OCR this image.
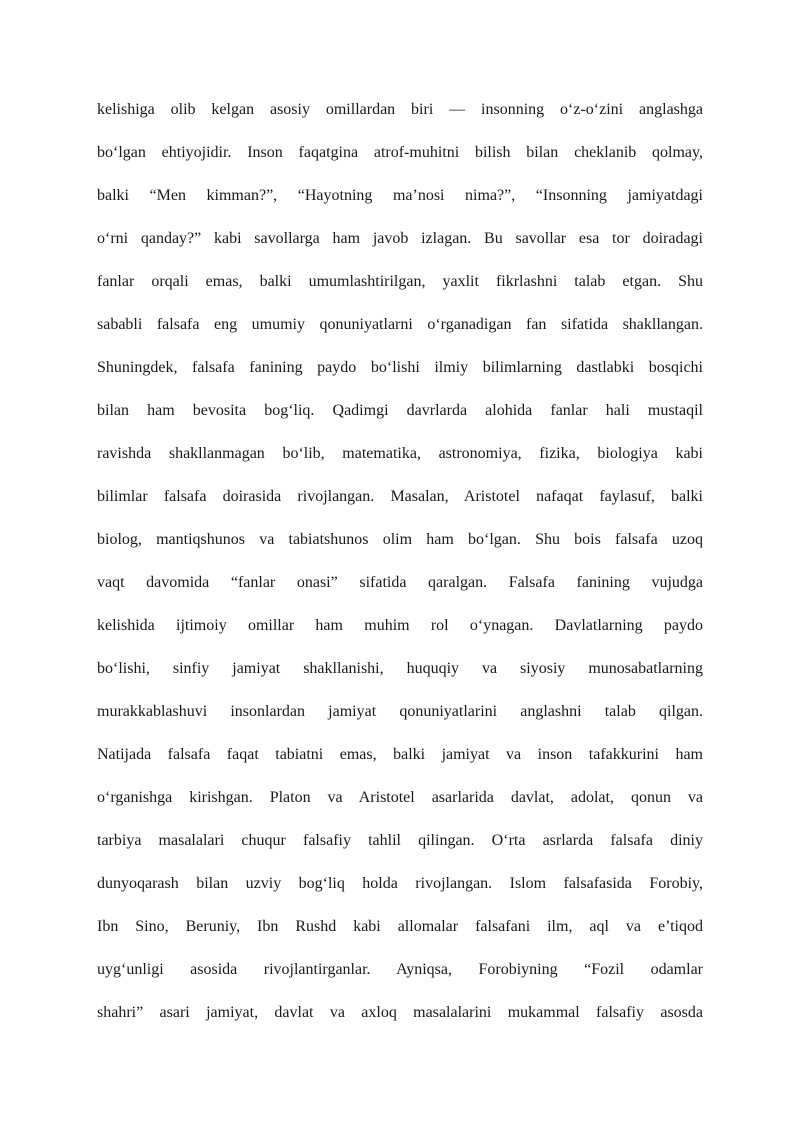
kelishiga olib kelgan asosiy omillardan biri — insonning o‘z-o‘zini anglashga
bo‘lgan ehtiyojidir. Inson faqatgina atrof-muhitni bilish bilan cheklanib qolmay,
balki “Men kimman?”, “Hayotning ma’nosi nima?”, “Insonning jamiyatdagi
o‘rni qanday?” kabi savollarga ham javob izlagan. Bu savollar esa tor doiradagi
fanlar orqali emas, balki umumlashtirilgan, yaxlit fikrlashni talab etgan. Shu
sababli falsafa eng umumiy qonuniyatlarni o‘rganadigan fan sifatida shakllangan.
Shuningdek, falsafa fanining paydo bo‘lishi ilmiy bilimlarning dastlabki bosqichi
bilan ham bevosita bog‘liq. Qadimgi davrlarda alohida fanlar hali mustaqil
ravishda shakllanmagan bo‘lib, matematika, astronomiya, fizika, biologiya kabi
bilimlar falsafa doirasida rivojlangan. Masalan, Aristotel nafaqat faylasuf, balki
biolog, mantiqshunos va tabiatshunos olim ham bo‘lgan. Shu bois falsafa uzoq
vaqt davomida “fanlar onasi” sifatida qaralgan. Falsafa fanining vujudga
kelishida ijtimoiy omillar ham muhim rol o‘ynagan. Davlatlarning paydo
bo‘lishi, sinfiy jamiyat shakllanishi, huquqiy va siyosiy munosabatlarning
murakkablashuvi insonlardan jamiyat qonuniyatlarini anglashni talab qilgan.
Natijada falsafa faqat tabiatni emas, balki jamiyat va inson tafakkurini ham
o‘rganishga kirishgan. Platon va Aristotel asarlarida davlat, adolat, qonun va
tarbiya masalalari chuqur falsafiy tahlil qilingan. O‘rta asrlarda falsafa diniy
dunyoqarash bilan uzviy bog‘liq holda rivojlangan. Islom falsafasida Forobiy,
Ibn Sino, Beruniy, Ibn Rushd kabi allomalar falsafani ilm, aql va e’tiqod
uyg‘unligi asosida rivojlantirganlar. Ayniqsa, Forobiyning “Fozil odamlar
shahri” asari jamiyat, davlat va axloq masalalarini mukammal falsafiy asosda
